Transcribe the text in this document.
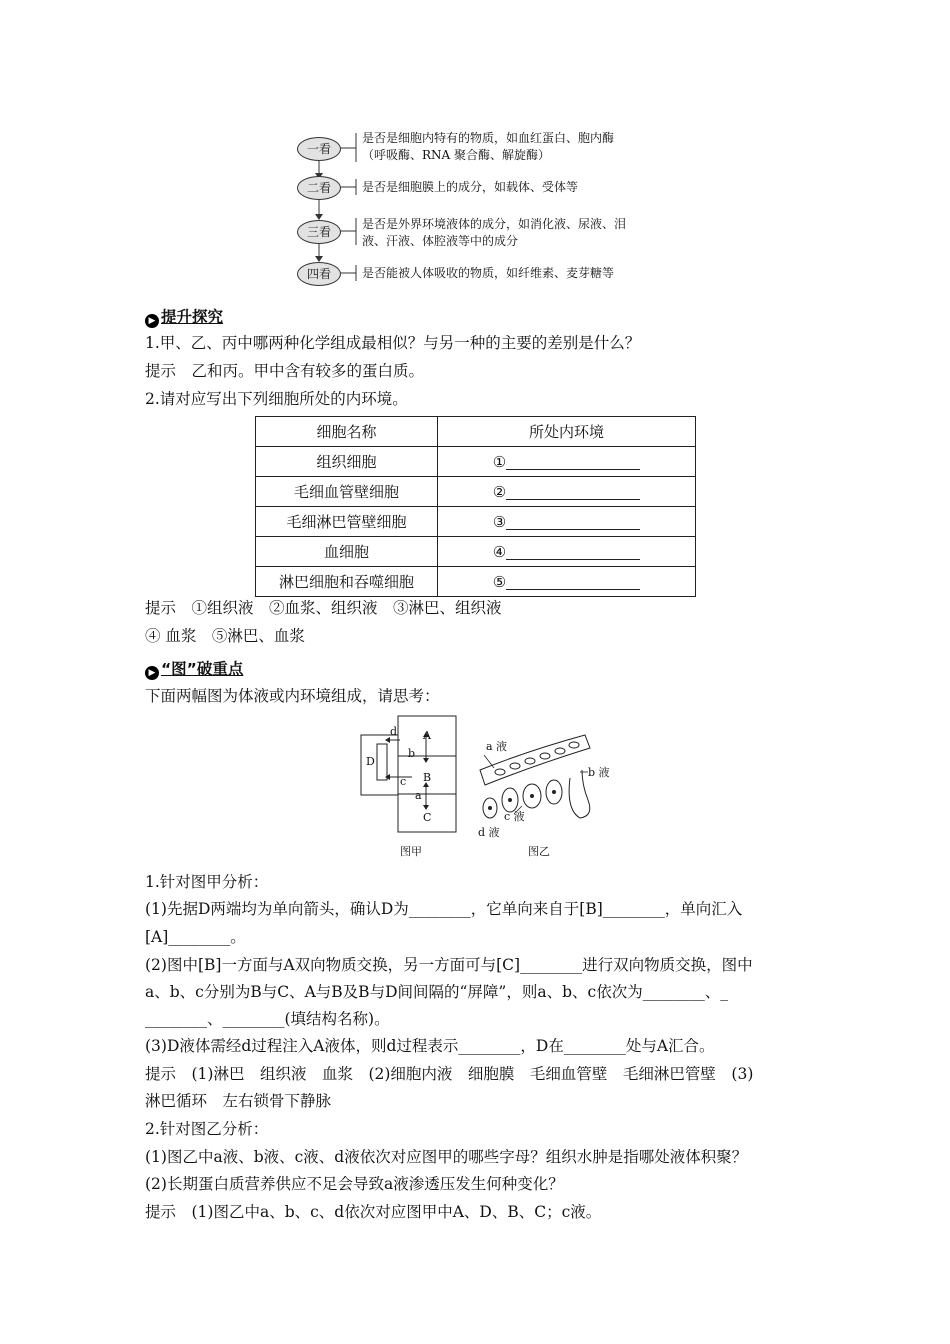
一看
二看
三看
四看
是否是细胞内特有的物质，如血红蛋白、胞内酶
（呼吸酶、RNA 聚合酶、解旋酶）
是否是细胞膜上的成分，如载体、受体等
是否是外界环境液体的成分，如消化液、尿液、泪
液、汗液、体腔液等中的成分
是否能被人体吸收的物质，如纤维素、麦芽糖等
▶ 提升探究
1.甲、乙、丙中哪两种化学组成最相似？与另一种的主要的差别是什么？
提示　乙和丙。甲中含有较多的蛋白质。
2.请对应写出下列细胞所处的内环境。
细胞名称	所处内环境
组织细胞	①
毛细血管壁细胞	②
毛细淋巴管壁细胞	③
血细胞	④
淋巴细胞和吞噬细胞	⑤
提示　①组织液　②血浆、组织液　③淋巴、组织液
④ 血浆　⑤淋巴、血浆
▶ “图”破重点
下面两幅图为体液或内环境组成，请思考：
A
b
d
D
B
c
a
C
图甲
a 液
b 液
c 液
d 液
图乙
1.针对图甲分析：
(1)先据D两端均为单向箭头，确认D为________，它单向来自于[B]________，单向汇入
[A]________。
(2)图中[B]一方面与A双向物质交换，另一方面可与[C]________进行双向物质交换，图中
a、b、c分别为B与C、A与B及B与D间间隔的“屏障”，则a、b、c依次为________、_
________、________(填结构名称)。
(3)D液体需经d过程注入A液体，则d过程表示________，D在________处与A汇合。
提示　(1)淋巴　组织液　血浆　(2)细胞内液　细胞膜　毛细血管壁　毛细淋巴管壁　(3)
淋巴循环　左右锁骨下静脉
2.针对图乙分析：
(1)图乙中a液、b液、c液、d液依次对应图甲的哪些字母？组织水肿是指哪处液体积聚？
(2)长期蛋白质营养供应不足会导致a液渗透压发生何种变化？
提示　(1)图乙中a、b、c、d依次对应图甲中A、D、B、C；c液。
